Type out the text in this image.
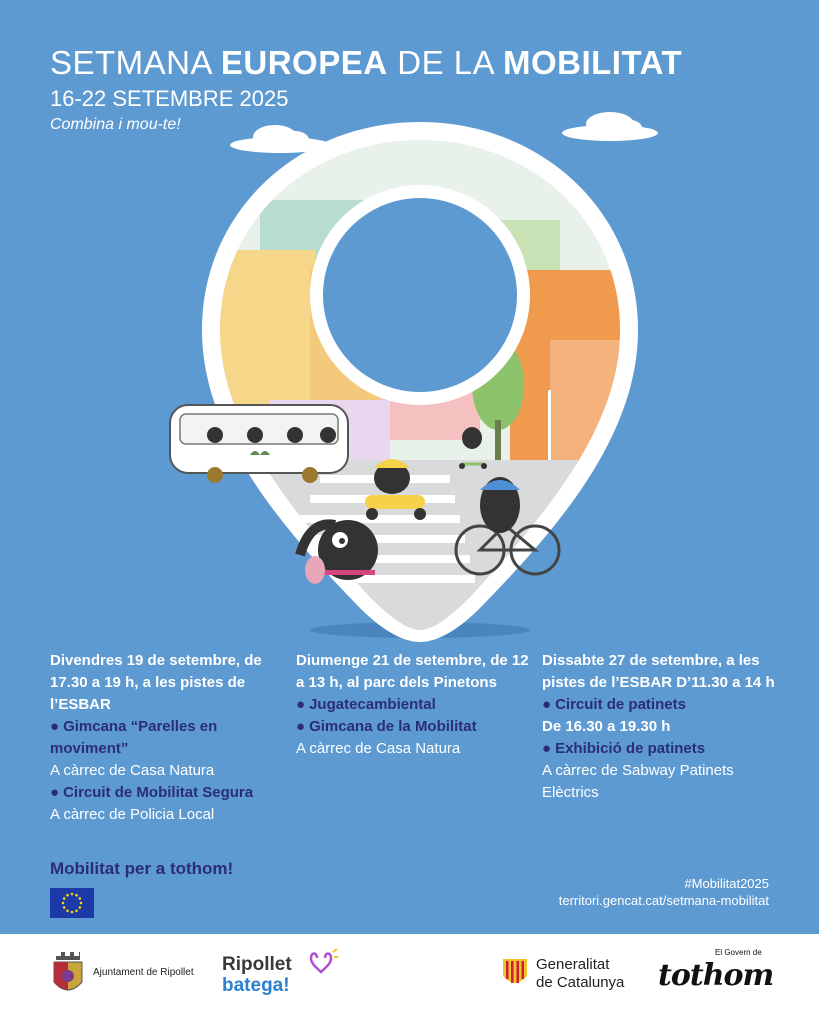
SETMANA EUROPEA DE LA MOBILITAT
16-22 SETEMBRE 2025
Combina i mou-te!
Divendres 19 de setembre, de 17.30 a 19 h, a les pistes de l’ESBAR
● Gimcana “Parelles en moviment”
A càrrec de Casa Natura
● Circuit de Mobilitat Segura
A càrrec de Policia Local
Diumenge 21 de setembre, de 12 a 13 h, al parc dels Pinetons
● Jugatecambiental
● Gimcana de la Mobilitat
A càrrec de Casa Natura
Dissabte 27 de setembre, a les pistes de l’ESBAR D’11.30 a 14 h
● Circuit de patinets
De 16.30 a 19.30 h
● Exhibició de patinets
A càrrec de Sabway Patinets Elèctrics
Mobilitat per a tothom!
#Mobilitat2025
territori.gencat.cat/setmana-mobilitat
Ajuntament de Ripollet Ripollet
batega!
Generalitat
de Catalunya
El Govern de
tothom
